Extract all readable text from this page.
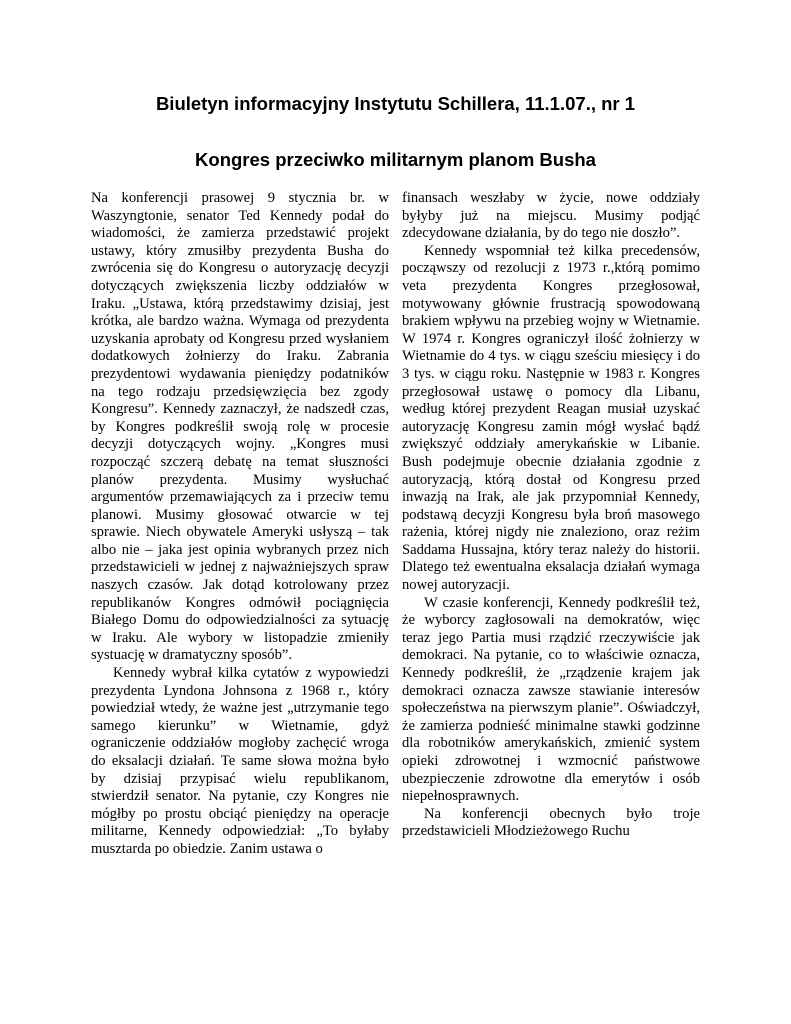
Biuletyn informacyjny Instytutu Schillera, 11.1.07., nr 1
Kongres przeciwko militarnym planom Busha

Na konferencji prasowej 9 stycznia br. w Waszyngtonie, senator Ted Kennedy podał do wiadomości, że zamierza przedstawić projekt ustawy, który zmusiłby prezydenta Busha do zwrócenia się do Kongresu o autoryzację decyzji dotyczących zwiększenia liczby oddziałów w Iraku. „Ustawa, którą przedstawimy dzisiaj, jest krótka, ale bardzo ważna. Wymaga od prezydenta uzyskania aprobaty od Kongresu przed wysłaniem dodatkowych żołnierzy do Iraku. Zabrania prezydentowi wydawania pieniędzy podatników na tego rodzaju przedsięwzięcia bez zgody Kongresu”. Kennedy zaznaczył, że nadszedł czas, by Kongres podkreślił swoją rolę w procesie decyzji dotyczących wojny. „Kongres musi rozpocząć szczerą debatę na temat słuszności planów prezydenta. Musimy wysłuchać argumentów przemawiających za i przeciw temu planowi. Musimy głosować otwarcie w tej sprawie. Niech obywatele Ameryki usłyszą – tak albo nie – jaka jest opinia wybranych przez nich przedstawicieli w jednej z najważniejszych spraw naszych czasów. Jak dotąd kotrolowany przez republikanów Kongres odmówił pociągnięcia Białego Domu do odpowiedzialności za sytuację w Iraku. Ale wybory w listopadzie zmieniły systuację w dramatyczny sposób”.

Kennedy wybrał kilka cytatów z wypowiedzi prezydenta Lyndona Johnsona z 1968 r., który powiedział wtedy, że ważne jest „utrzymanie tego samego kierunku” w Wietnamie, gdyż ograniczenie oddziałów mogłoby zachęcić wroga do eksalacji działań. Te same słowa można było by dzisiaj przypisać wielu republikanom, stwierdził senator. Na pytanie, czy Kongres nie mógłby po prostu obciąć pieniędzy na operacje militarne, Kennedy odpowiedział: „To byłaby musztarda po obiedzie. Zanim ustawa o

finansach weszłaby w życie, nowe oddziały byłyby już na miejscu. Musimy podjąć zdecydowane działania, by do tego nie doszło”.

Kennedy wspomniał też kilka precedensów, począwszy od rezolucji z 1973 r.,którą pomimo veta prezydenta Kongres przegłosował, motywowany głównie frustracją spowodowaną brakiem wpływu na przebieg wojny w Wietnamie. W 1974 r. Kongres ograniczył ilość żołnierzy w Wietnamie do 4 tys. w ciągu sześciu miesięcy i do 3 tys. w ciągu roku. Następnie w 1983 r. Kongres przegłosował ustawę o pomocy dla Libanu, według której prezydent Reagan musiał uzyskać autoryzację Kongresu zamin mógł wysłać bądź zwiększyć oddziały amerykańskie w Libanie. Bush podejmuje obecnie działania zgodnie z autoryzacją, którą dostał od Kongresu przed inwazją na Irak, ale jak przypomniał Kennedy, podstawą decyzji Kongresu była broń masowego rażenia, której nigdy nie znaleziono, oraz reżim Saddama Hussajna, który teraz należy do historii. Dlatego też ewentualna eksalacja działań wymaga nowej autoryzacji.

W czasie konferencji, Kennedy podkreślił też, że wyborcy zagłosowali na demokratów, więc teraz jego Partia musi rządzić rzeczywiście jak demokraci. Na pytanie, co to właściwie oznacza, Kennedy podkreślił, że „rządzenie krajem jak demokraci oznacza zawsze stawianie interesów społeczeństwa na pierwszym planie”. Oświadczył, że zamierza podnieść minimalne stawki godzinne dla robotników amerykańskich, zmienić system opieki zdrowotnej i wzmocnić państwowe ubezpieczenie zdrowotne dla emerytów i osób niepełnosprawnych.

Na konferencji obecnych było troje przedstawicieli Młodzieżowego Ruchu
